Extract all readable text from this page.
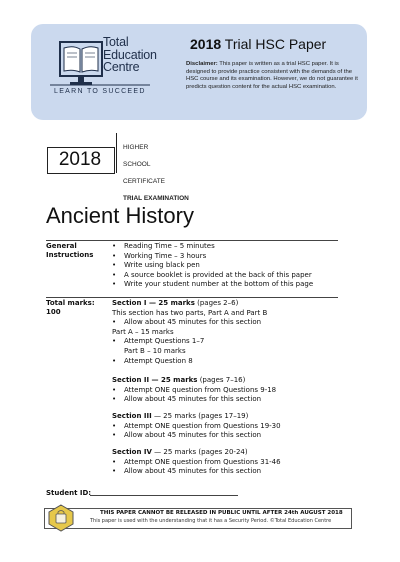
Total
Education
Centre
LEARN TO SUCCEED
2018 Trial HSC Paper
Disclaimer: This paper is written as a trial HSC paper. It is designed to provide practice consistent with the demands of the HSC course and its examination. However, we do not guarantee it predicts question content for the actual HSC examination.
2018

HIGHER

SCHOOL

CERTIFICATE

TRIAL EXAMINATION

Ancient History
General
Instructions
• Reading Time – 5 minutes
• Working Time – 3 hours
• Write using black pen
• A source booklet is provided at the back of this paper
• Write your student number at the bottom of this page
Total marks:
100
Section I — 25 marks (pages 2–6)
This section has two parts, Part A and Part B
• Allow about 45 minutes for this section
Part A – 15 marks
• Attempt Questions 1–7
Part B – 10 marks
• Attempt Question 8
Section II — 25 marks (pages 7–16)
• Attempt ONE question from Questions 9-18
• Allow about 45 minutes for this section
Section III — 25 marks (pages 17–19)
• Attempt ONE question from Questions 19-30
• Allow about 45 minutes for this section
Section IV — 25 marks (pages 20-24)
• Attempt ONE question from Questions 31-46
• Allow about 45 minutes for this section
Student ID:
THIS PAPER CANNOT BE RELEASED IN PUBLIC UNTIL AFTER 24th AUGUST 2018
This paper is used with the understanding that it has a Security Period. ©Total Education Centre
